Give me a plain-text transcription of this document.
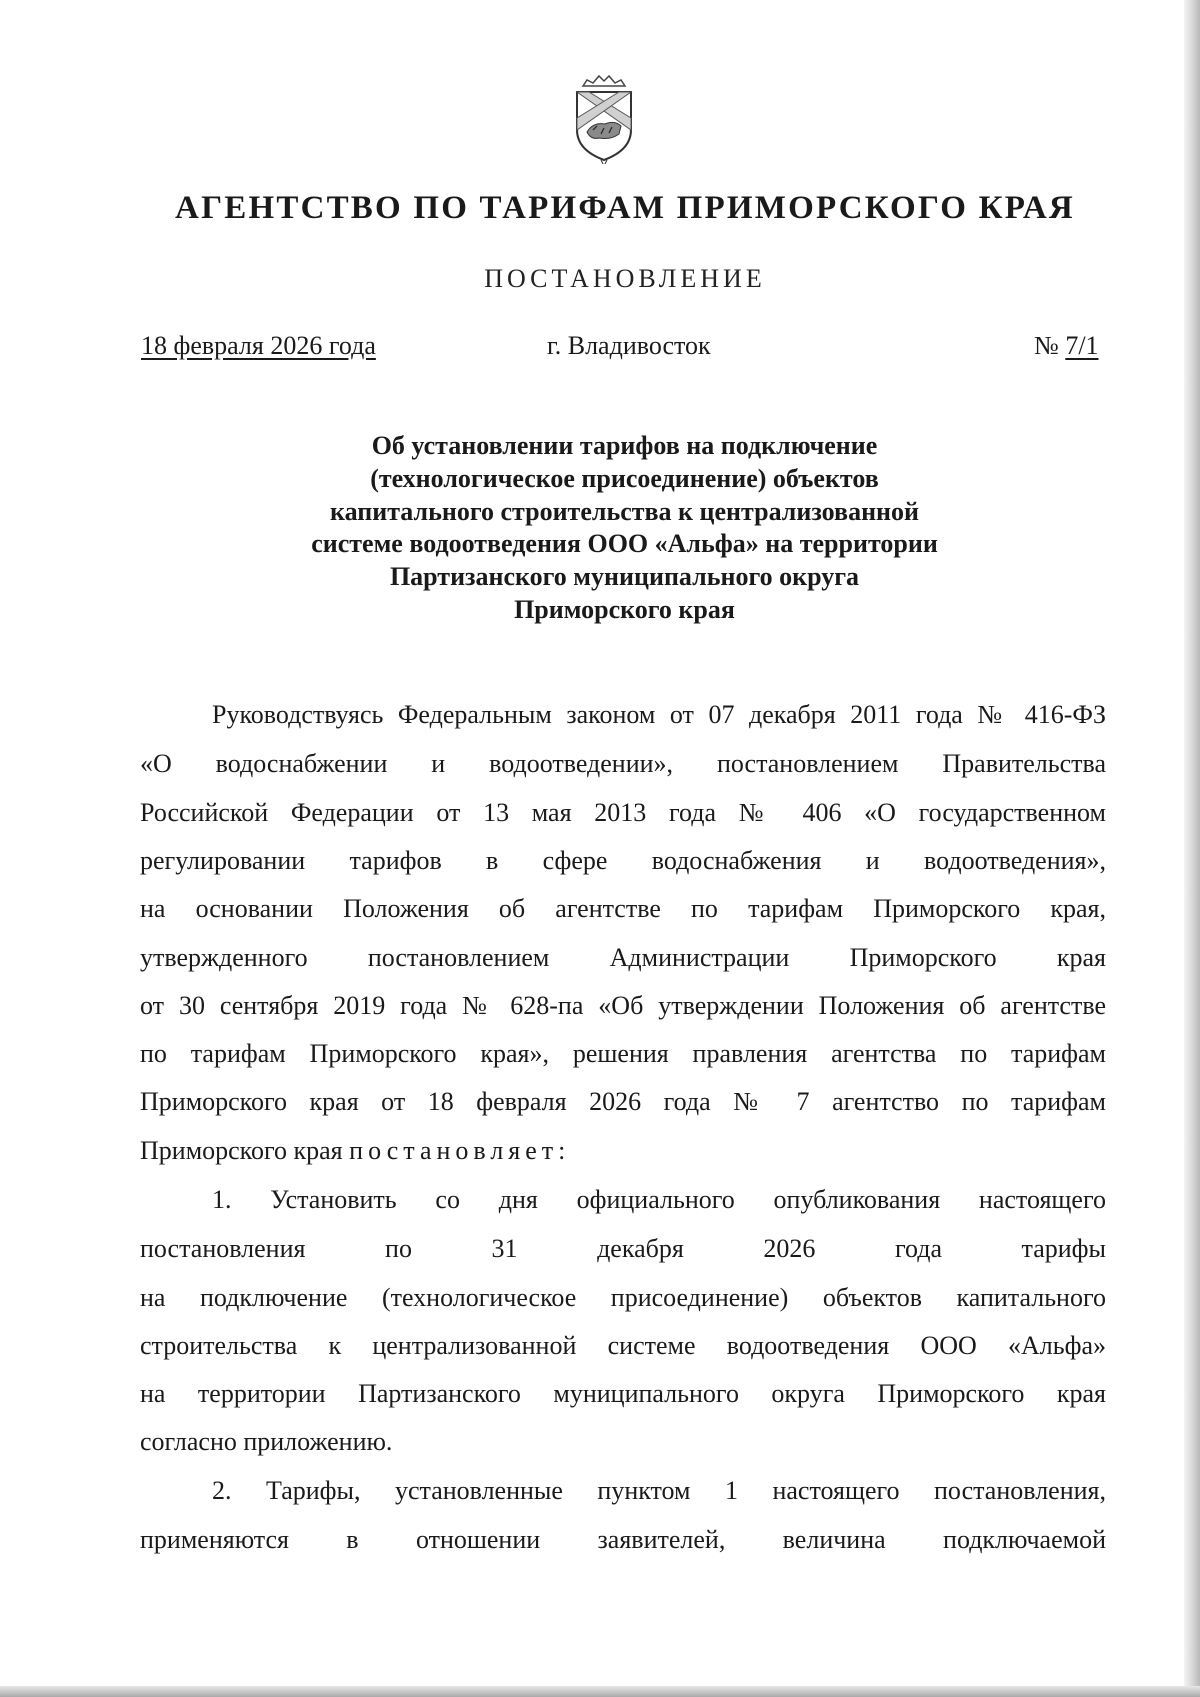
АГЕНТСТВО ПО ТАРИФАМ ПРИМОРСКОГО КРАЯ
ПОСТАНОВЛЕНИЕ
18 февраля 2026 года	г. Владивосток	№ 7/1
Об установлении тарифов на подключение
(технологическое присоединение) объектов
капитального строительства к централизованной
системе водоотведения ООО «Альфа» на территории
Партизанского муниципального округа
Приморского края
Руководствуясь Федеральным законом от 07 декабря 2011 года № 416-ФЗ
«О водоснабжении и водоотведении», постановлением Правительства
Российской Федерации от 13 мая 2013 года № 406 «О государственном
регулировании тарифов в сфере водоснабжения и водоотведения»,
на основании Положения об агентстве по тарифам Приморского края,
утвержденного постановлением Администрации Приморского края
от 30 сентября 2019 года № 628-па «Об утверждении Положения об агентстве
по тарифам Приморского края», решения правления агентства по тарифам
Приморского края от 18 февраля 2026 года № 7 агентство по тарифам
Приморского края постановляет:
1. Установить со дня официального опубликования настоящего
постановления по 31 декабря 2026 года тарифы
на подключение (технологическое присоединение) объектов капитального
строительства к централизованной системе водоотведения ООО «Альфа»
на территории Партизанского муниципального округа Приморского края
согласно приложению.
2. Тарифы, установленные пунктом 1 настоящего постановления,
применяются в отношении заявителей, величина подключаемой
